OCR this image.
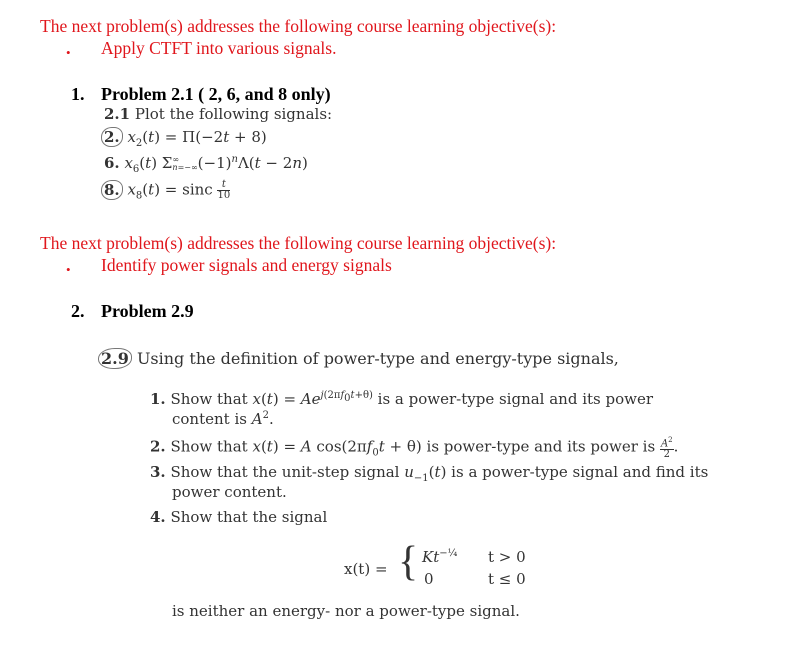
The next problem(s) addresses the following course learning objective(s):
• Apply CTFT into various signals.
1. Problem 2.1 ( 2, 6, and 8 only)
2.1 Plot the following signals:
2. $x_2(t) = \Pi(-2t + 8)$
6. $x_6(t)$ Σ ∞
n=−∞ $(-1)^n\Lambda(t - 2n)$
8. $x_8(t) = \sin c \frac{t}{10}$
The next problem(s) addresses the following course learning objective(s):
• Identify power signals and energy signals
2. Problem 2.9
2.9 Using the definition of power-type and energy-type signals,
1. Show that $x(t) = Ae^{j(2\pi f_0t+\theta)}$ is a power-type signal and its power
content is $A^2$.
2. Show that x(t) = A $\cos(2\pi f_0t + \theta)$ is power-type and its power is $\frac{A^2}{2}$ .
3. Show that the unit-step signal $u_{-1}(t)$ is a power-type signal and find its
power content.
4. Show that the signal
x(t) = { $Kt^{-\frac{1}{4}}$ t > 0
0	t ≤ 0
is neither an energy- nor a power-type signal.
